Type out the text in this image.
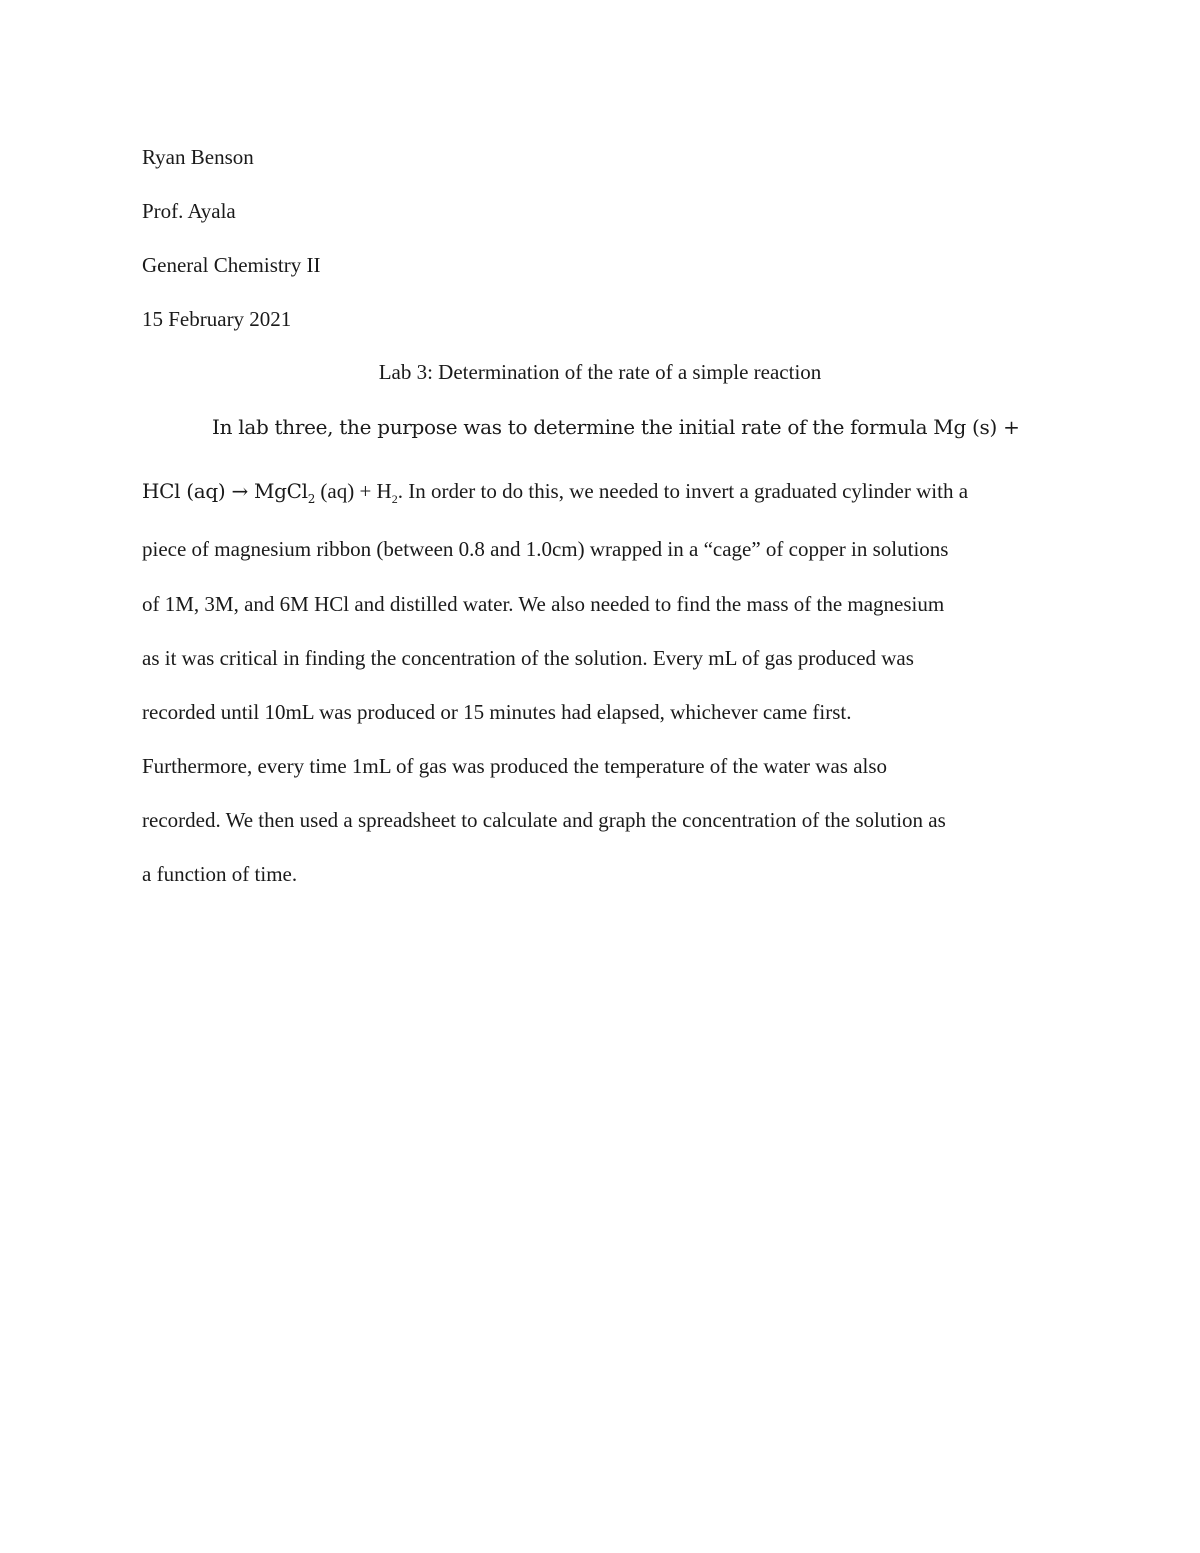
Ryan Benson
Prof. Ayala
General Chemistry II
15 February 2021
Lab 3: Determination of the rate of a simple reaction
In lab three, the purpose was to determine the initial rate of the formula Mg (s) +
HCl (aq) → MgCl$_2$ $(aq) + H_2$. In order to do this, we needed to invert a graduated cylinder with a
piece of magnesium ribbon (between 0.8 and 1.0cm) wrapped in a “cage” of copper in solutions
of 1M, 3M, and 6M HCl and distilled water. We also needed to find the mass of the magnesium
as it was critical in finding the concentration of the solution. Every mL of gas produced was
recorded until 10mL was produced or 15 minutes had elapsed, whichever came first.
Furthermore, every time 1mL of gas was produced the temperature of the water was also
recorded. We then used a spreadsheet to calculate and graph the concentration of the solution as
a function of time.
